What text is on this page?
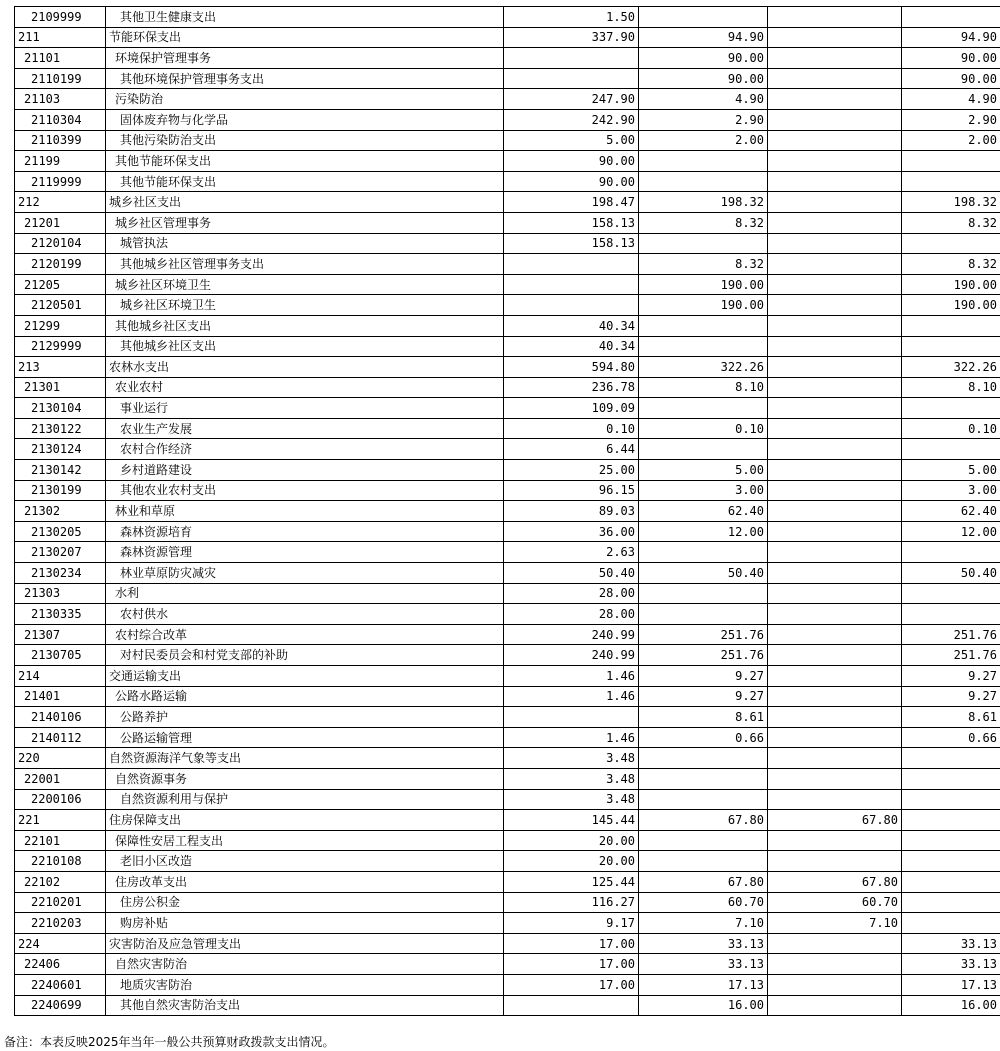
2109999	其他卫生健康支出	1.50			
211	节能环保支出	337.90	94.90		94.90
21101	环境保护管理事务		90.00		90.00
2110199	其他环境保护管理事务支出		90.00		90.00
21103	污染防治	247.90	4.90		4.90
2110304	固体废弃物与化学品	242.90	2.90		2.90
2110399	其他污染防治支出	5.00	2.00		2.00
21199	其他节能环保支出	90.00			
2119999	其他节能环保支出	90.00			
212	城乡社区支出	198.47	198.32		198.32
21201	城乡社区管理事务	158.13	8.32		8.32
2120104	城管执法	158.13			
2120199	其他城乡社区管理事务支出		8.32		8.32
21205	城乡社区环境卫生		190.00		190.00
2120501	城乡社区环境卫生		190.00		190.00
21299	其他城乡社区支出	40.34			
2129999	其他城乡社区支出	40.34			
213	农林水支出	594.80	322.26		322.26
21301	农业农村	236.78	8.10		8.10
2130104	事业运行	109.09			
2130122	农业生产发展	0.10	0.10		0.10
2130124	农村合作经济	6.44			
2130142	乡村道路建设	25.00	5.00		5.00
2130199	其他农业农村支出	96.15	3.00		3.00
21302	林业和草原	89.03	62.40		62.40
2130205	森林资源培育	36.00	12.00		12.00
2130207	森林资源管理	2.63			
2130234	林业草原防灾减灾	50.40	50.40		50.40
21303	水利	28.00			
2130335	农村供水	28.00			
21307	农村综合改革	240.99	251.76		251.76
2130705	对村民委员会和村党支部的补助	240.99	251.76		251.76
214	交通运输支出	1.46	9.27		9.27
21401	公路水路运输	1.46	9.27		9.27
2140106	公路养护		8.61		8.61
2140112	公路运输管理	1.46	0.66		0.66
220	自然资源海洋气象等支出	3.48			
22001	自然资源事务	3.48			
2200106	自然资源利用与保护	3.48			
221	住房保障支出	145.44	67.80	67.80	
22101	保障性安居工程支出	20.00			
2210108	老旧小区改造	20.00			
22102	住房改革支出	125.44	67.80	67.80	
2210201	住房公积金	116.27	60.70	60.70	
2210203	购房补贴	9.17	7.10	7.10	
224	灾害防治及应急管理支出	17.00	33.13		33.13
22406	自然灾害防治	17.00	33.13		33.13
2240601	地质灾害防治	17.00	17.13		17.13
2240699	其他自然灾害防治支出		16.00		16.00
备注：本表反映2025年当年一般公共预算财政拨款支出情况。
